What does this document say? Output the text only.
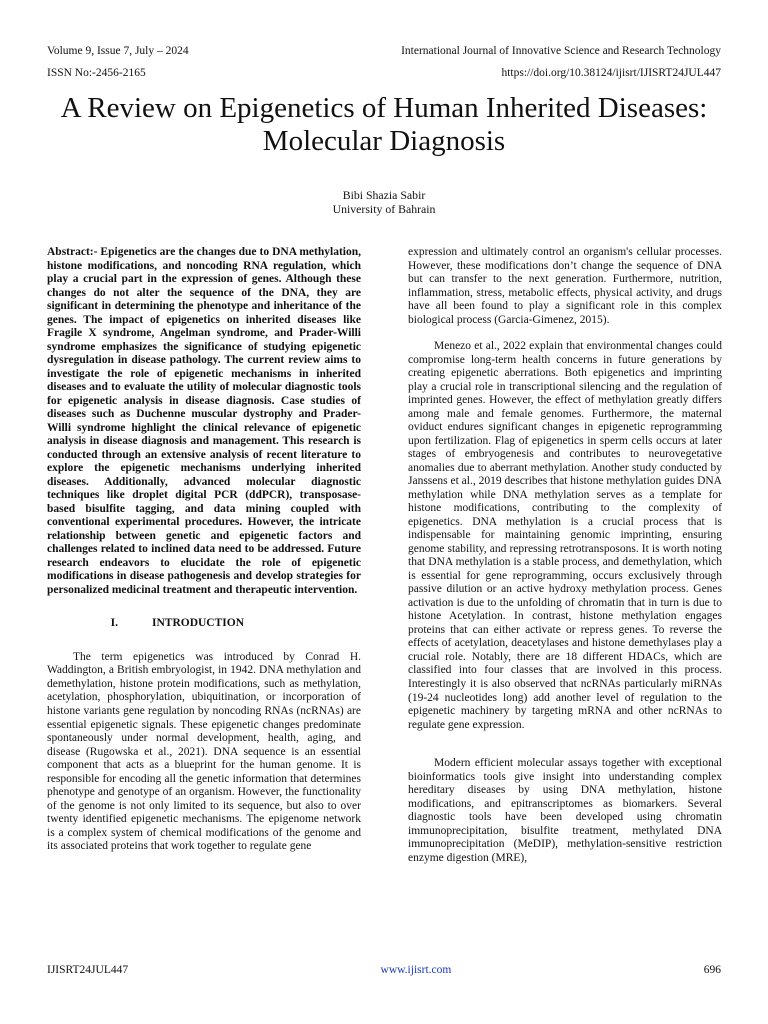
Volume 9, Issue 7, July – 2024	International Journal of Innovative Science and Research Technology
ISSN No:-2456-2165	https://doi.org/10.38124/ijisrt/IJISRT24JUL447
A Review on Epigenetics of Human Inherited Diseases: Molecular Diagnosis
Bibi Shazia Sabir
University of Bahrain

Abstract:- Epigenetics are the changes due to DNA methylation, histone modifications, and noncoding RNA regulation, which play a crucial part in the expression of genes. Although these changes do not alter the sequence of the DNA, they are significant in determining the phenotype and inheritance of the genes. The impact of epigenetics on inherited diseases like Fragile X syndrome, Angelman syndrome, and Prader-Willi syndrome emphasizes the significance of studying epigenetic dysregulation in disease pathology. The current review aims to investigate the role of epigenetic mechanisms in inherited diseases and to evaluate the utility of molecular diagnostic tools for epigenetic analysis in disease diagnosis. Case studies of diseases such as Duchenne muscular dystrophy and Prader-Willi syndrome highlight the clinical relevance of epigenetic analysis in disease diagnosis and management. This research is conducted through an extensive analysis of recent literature to explore the epigenetic mechanisms underlying inherited diseases. Additionally, advanced molecular diagnostic techniques like droplet digital PCR (ddPCR), transposase-based bisulfite tagging, and data mining coupled with conventional experimental procedures. However, the intricate relationship between genetic and epigenetic factors and challenges related to inclined data need to be addressed. Future research endeavors to elucidate the role of epigenetic modifications in disease pathogenesis and develop strategies for personalized medicinal treatment and therapeutic intervention.

I.	INTRODUCTION

The term epigenetics was introduced by Conrad H. Waddington, a British embryologist, in 1942. DNA methylation and demethylation, histone protein modifications, such as methylation, acetylation, phosphorylation, ubiquitination, or incorporation of histone variants gene regulation by noncoding RNAs (ncRNAs) are essential epigenetic signals. These epigenetic changes predominate spontaneously under normal development, health, aging, and disease (Rugowska et al., 2021). DNA sequence is an essential component that acts as a blueprint for the human genome. It is responsible for encoding all the genetic information that determines phenotype and genotype of an organism. However, the functionality of the genome is not only limited to its sequence, but also to over twenty identified epigenetic mechanisms. The epigenome network is a complex system of chemical modifications of the genome and its associated proteins that work together to regulate gene

expression and ultimately control an organism's cellular processes. However, these modifications don’t change the sequence of DNA but can transfer to the next generation. Furthermore, nutrition, inflammation, stress, metabolic effects, physical activity, and drugs have all been found to play a significant role in this complex biological process (Garcia-Gimenez, 2015).

Menezo et al., 2022 explain that environmental changes could compromise long-term health concerns in future generations by creating epigenetic aberrations. Both epigenetics and imprinting play a crucial role in transcriptional silencing and the regulation of imprinted genes. However, the effect of methylation greatly differs among male and female genomes. Furthermore, the maternal oviduct endures significant changes in epigenetic reprogramming upon fertilization. Flag of epigenetics in sperm cells occurs at later stages of embryogenesis and contributes to neurovegetative anomalies due to aberrant methylation. Another study conducted by Janssens et al., 2019 describes that histone methylation guides DNA methylation while DNA methylation serves as a template for histone modifications, contributing to the complexity of epigenetics. DNA methylation is a crucial process that is indispensable for maintaining genomic imprinting, ensuring genome stability, and repressing retrotransposons. It is worth noting that DNA methylation is a stable process, and demethylation, which is essential for gene reprogramming, occurs exclusively through passive dilution or an active hydroxy methylation process. Genes activation is due to the unfolding of chromatin that in turn is due to histone Acetylation. In contrast, histone methylation engages proteins that can either activate or repress genes. To reverse the effects of acetylation, deacetylases and histone demethylases play a crucial role. Notably, there are 18 different HDACs, which are classified into four classes that are involved in this process. Interestingly it is also observed that ncRNAs particularly miRNAs (19-24 nucleotides long) add another level of regulation to the epigenetic machinery by targeting mRNA and other ncRNAs to regulate gene expression.

Modern efficient molecular assays together with exceptional bioinformatics tools give insight into understanding complex hereditary diseases by using DNA methylation, histone modifications, and epitranscriptomes as biomarkers. Several diagnostic tools have been developed using chromatin immunoprecipitation, bisulfite treatment, methylated DNA immunoprecipitation (MeDIP), methylation-sensitive restriction enzyme digestion (MRE),

IJISRT24JUL447	www.ijisrt.com	696
